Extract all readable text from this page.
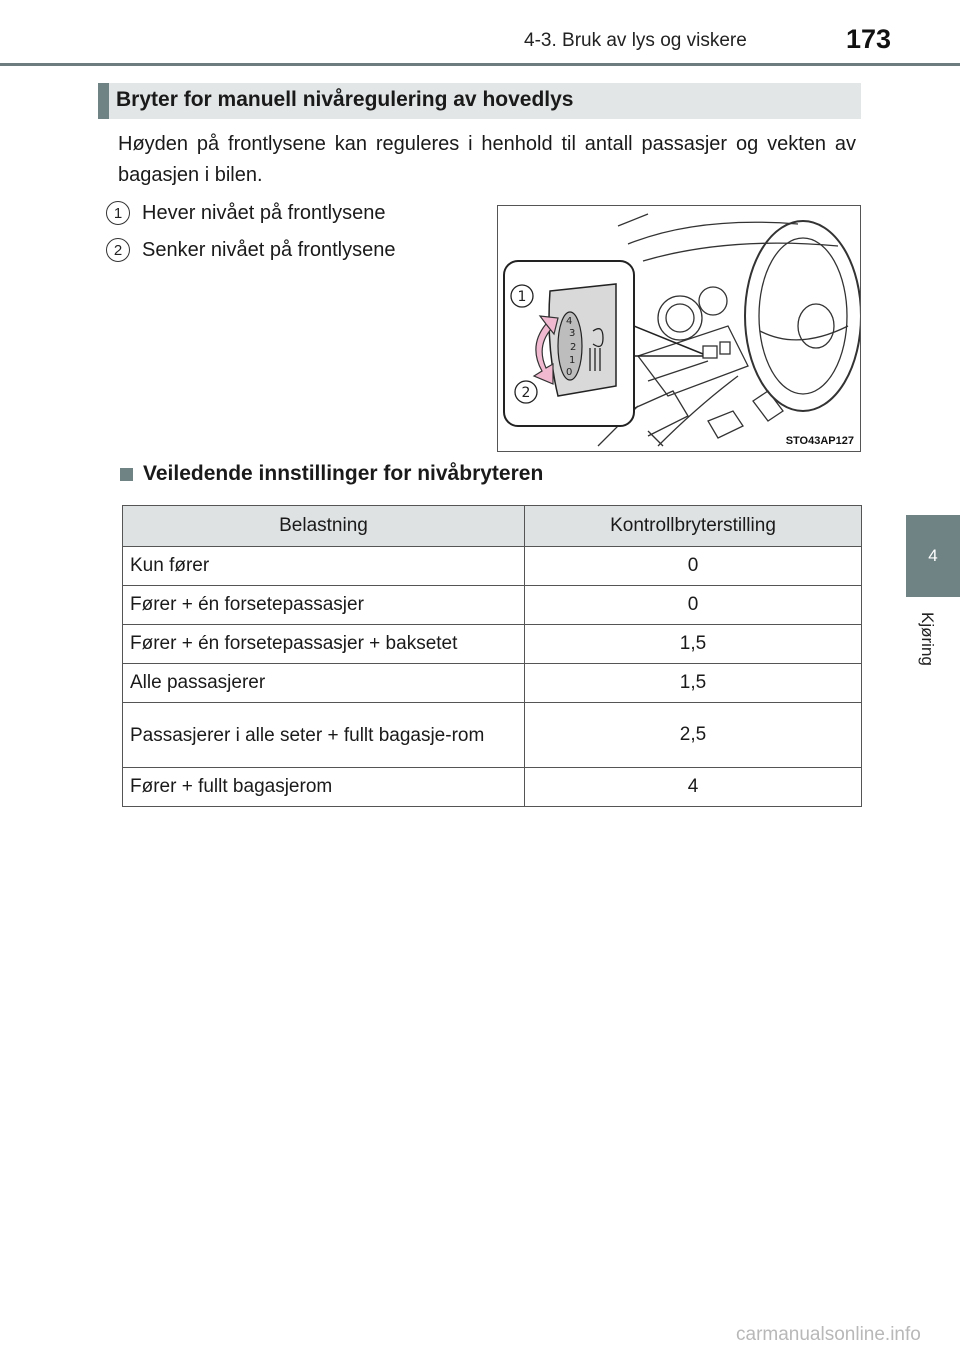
4-3. Bruk av lys og viskere	173
4
Kjøring
Bryter for manuell nivåregulering av hovedlys

Høyden på frontlysene kan reguleres i henhold til antall passasjer og vekten av bagasjen i bilen.

1 Hever nivået på frontlysene
2 Senker nivået på frontlysene
4
3
2
1
0
1
2
STO43AP127
Veiledende innstillinger for nivåbryteren
Belastning	Kontrollbryterstilling
Kun fører	0
Fører + én forsetepassasjer	0
Fører + én forsetepassasjer + baksetet	1,5
Alle passasjerer	1,5

Passasjerer i alle seter + fullt bagasje-rom	2,5
Fører + fullt bagasjerom	4
carmanualsonline.info
